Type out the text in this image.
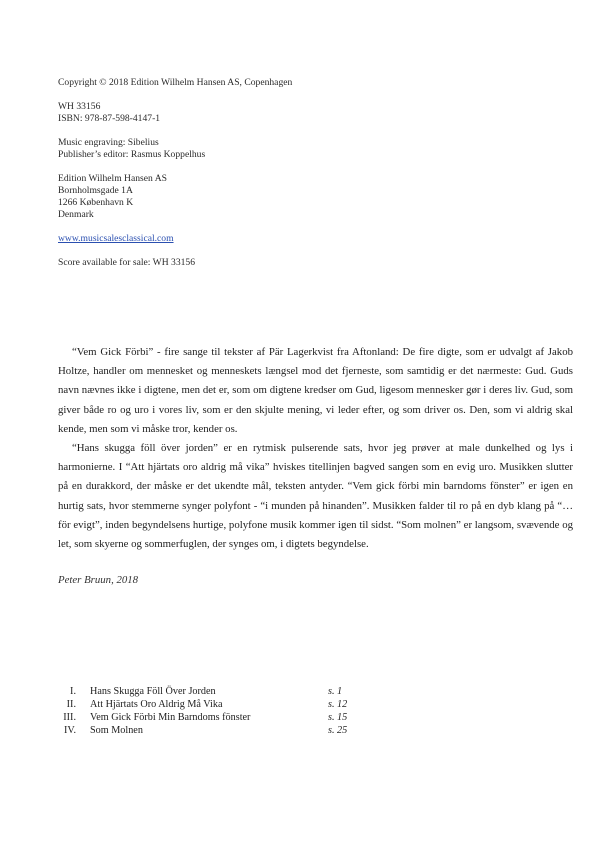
Copyright © 2018 Edition Wilhelm Hansen AS, Copenhagen
WH 33156
ISBN: 978-87-598-4147-1
Music engraving: Sibelius
Publisher’s editor: Rasmus Koppelhus
Edition Wilhelm Hansen AS
Bornholmsgade 1A
1266 København K
Denmark
www.musicsalesclassical.com
Score available for sale: WH 33156

“Vem Gick Förbi” - fire sange til tekster af Pär Lagerkvist fra Aftonland: De fire digte, som er udvalgt af Jakob Holtze, handler om mennesket og menneskets længsel mod det fjerneste, som samtidig er det nærmeste: Gud. Guds navn nævnes ikke i digtene, men det er, som om digtene kredser om Gud, ligesom mennesker gør i deres liv. Gud, som giver både ro og uro i vores liv, som er den skjulte mening, vi leder efter, og som driver os. Den, som vi aldrig skal kende, men som vi måske tror, kender os.

“Hans skugga föll över jorden” er en rytmisk pulserende sats, hvor jeg prøver at male dunkelhed og lys i harmonierne. I “Att hjärtats oro aldrig må vika” hviskes titellinjen bagved sangen som en evig uro. Musikken slutter på en durakkord, der måske er det ukendte mål, teksten antyder. “Vem gick förbi min barndoms fönster” er igen en hurtig sats, hvor stemmerne synger polyfont - “i munden på hinanden”. Musikken falder til ro på en dyb klang på “…för evigt”, inden begyndelsens hurtige, polyfone musik kommer igen til sidst. “Som molnen” er langsom, svævende og let, som skyerne og sommerfuglen, der synges om, i digtets begyndelse.

Peter Bruun, 2018
I.	Hans Skugga Föll Över Jorden	s. 1
II.	Att Hjärtats Oro Aldrig Må Vika	s. 12
III.	Vem Gick Förbi Min Barndoms fönster	s. 15
IV.	Som Molnen	s. 25
